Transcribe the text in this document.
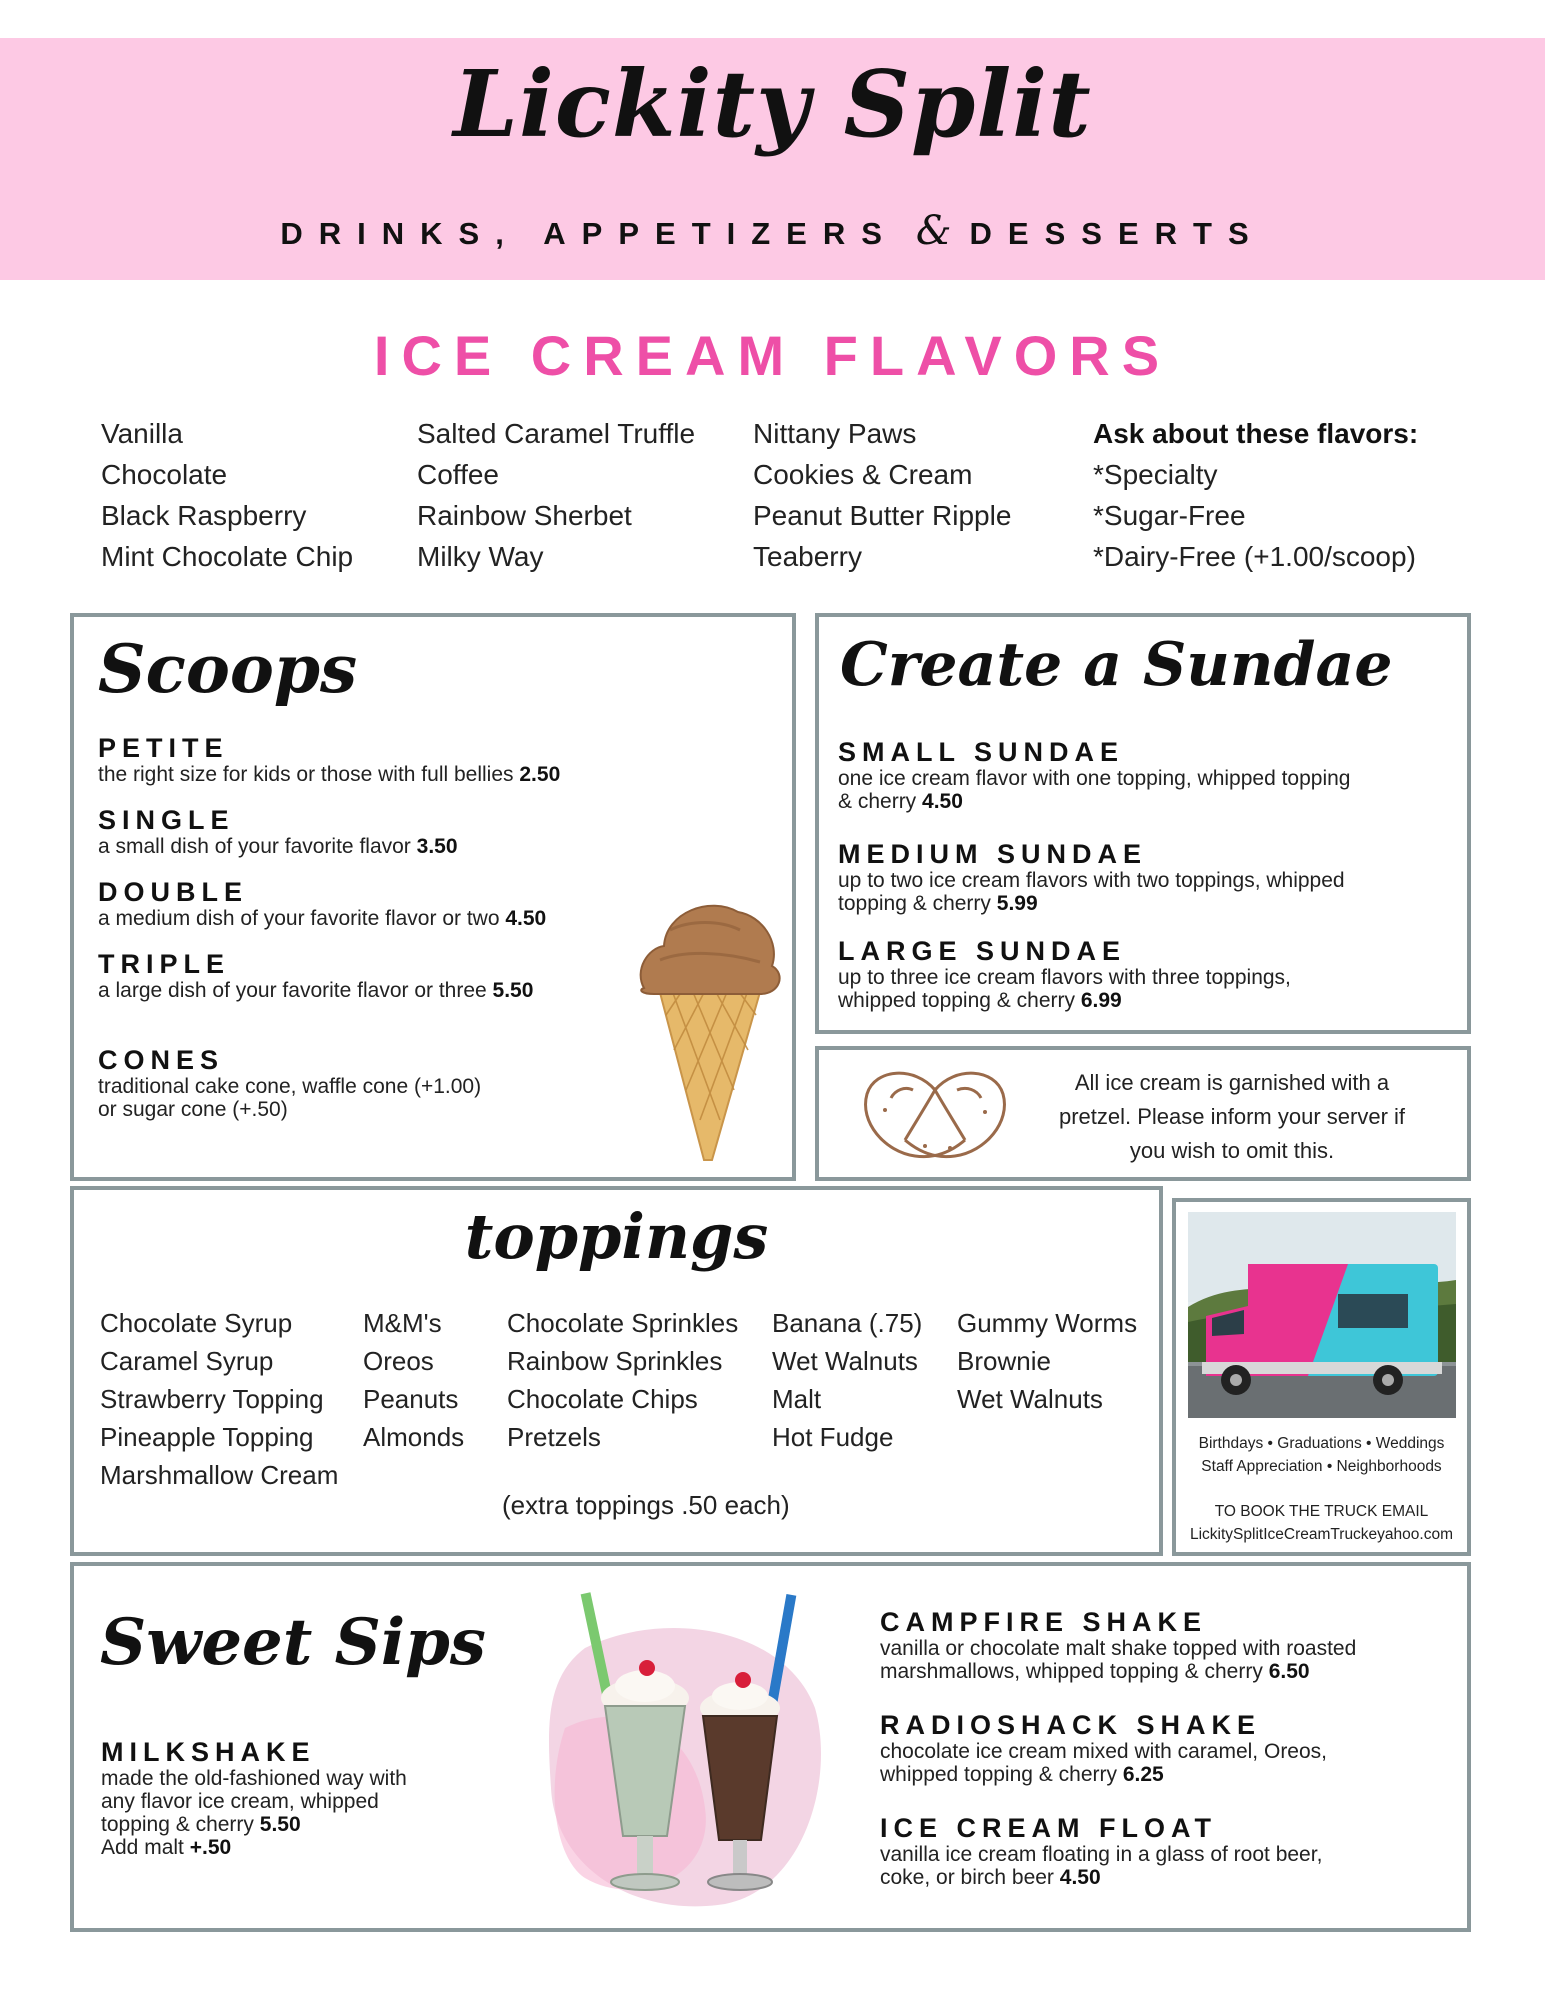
Lickity Split
DRINKS, APPETIZERS & DESSERTS
ICE CREAM FLAVORS
Vanilla
Chocolate
Black Raspberry
Mint Chocolate Chip
Salted Caramel Truffle
Coffee
Rainbow Sherbet
Milky Way
Nittany Paws
Cookies & Cream
Peanut Butter Ripple
Teaberry
Ask about these flavors:
*Specialty
*Sugar-Free
*Dairy-Free (+1.00/scoop)
Scoops
PETITE
the right size for kids or those with full bellies 2.50
SINGLE
a small dish of your favorite flavor 3.50
DOUBLE
a medium dish of your favorite flavor or two 4.50
TRIPLE
a large dish of your favorite flavor or three 5.50
CONES
traditional cake cone, waffle cone (+1.00)
or sugar cone (+.50)
Create a Sundae
SMALL SUNDAE
one ice cream flavor with one topping, whipped topping
& cherry 4.50
MEDIUM SUNDAE
up to two ice cream flavors with two toppings, whipped
topping & cherry 5.99
LARGE SUNDAE
up to three ice cream flavors with three toppings,
whipped topping & cherry 6.99
All ice cream is garnished with a
pretzel. Please inform your server if
you wish to omit this.
toppings
Chocolate Syrup
Caramel Syrup
Strawberry Topping
Pineapple Topping
Marshmallow Cream
M&M's
Oreos
Peanuts
Almonds
Chocolate Sprinkles
Rainbow Sprinkles
Chocolate Chips
Pretzels
Banana (.75)
Wet Walnuts
Malt
Hot Fudge
Gummy Worms
Brownie
Wet Walnuts
(extra toppings .50 each)
Birthdays • Graduations • Weddings
Staff Appreciation • Neighborhoods
TO BOOK THE TRUCK EMAIL
LickitySplitIceCreamTruckeyahoo.com
Sweet Sips
MILKSHAKE
made the old-fashioned way with
any flavor ice cream, whipped
topping & cherry 5.50
Add malt +.50
CAMPFIRE SHAKE
vanilla or chocolate malt shake topped with roasted
marshmallows, whipped topping & cherry 6.50
RADIOSHACK SHAKE
chocolate ice cream mixed with caramel, Oreos,
whipped topping & cherry 6.25
ICE CREAM FLOAT
vanilla ice cream floating in a glass of root beer,
coke, or birch beer 4.50
